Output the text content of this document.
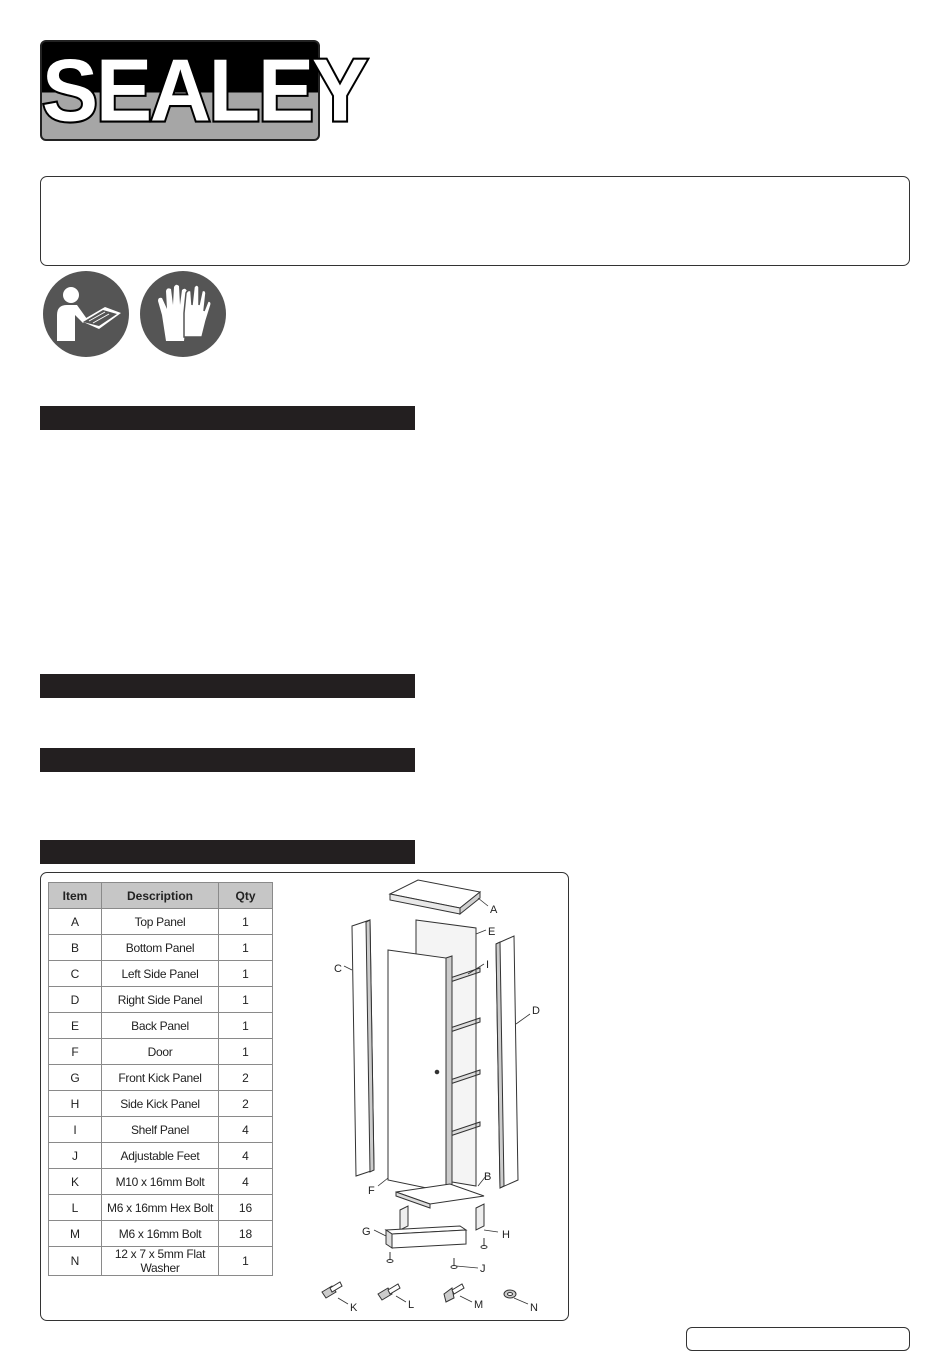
SEALEY
Item	Description	Qty
A	Top Panel	1
B	Bottom Panel	1
C	Left Side Panel	1
D	Right Side Panel	1
E	Back Panel	1
F	Door	1
G	Front Kick Panel	2
H	Side Kick Panel	2
I	Shelf Panel	4
J	Adjustable Feet	4
K	M10 x 16mm Bolt	4
L	M6 x 16mm Hex Bolt	16
M	M6 x 16mm Bolt	18
N	12 x 7 x 5mm Flat Washer	1
A
E
I
C
D
F
B
G	H
J
K	L	M	N
